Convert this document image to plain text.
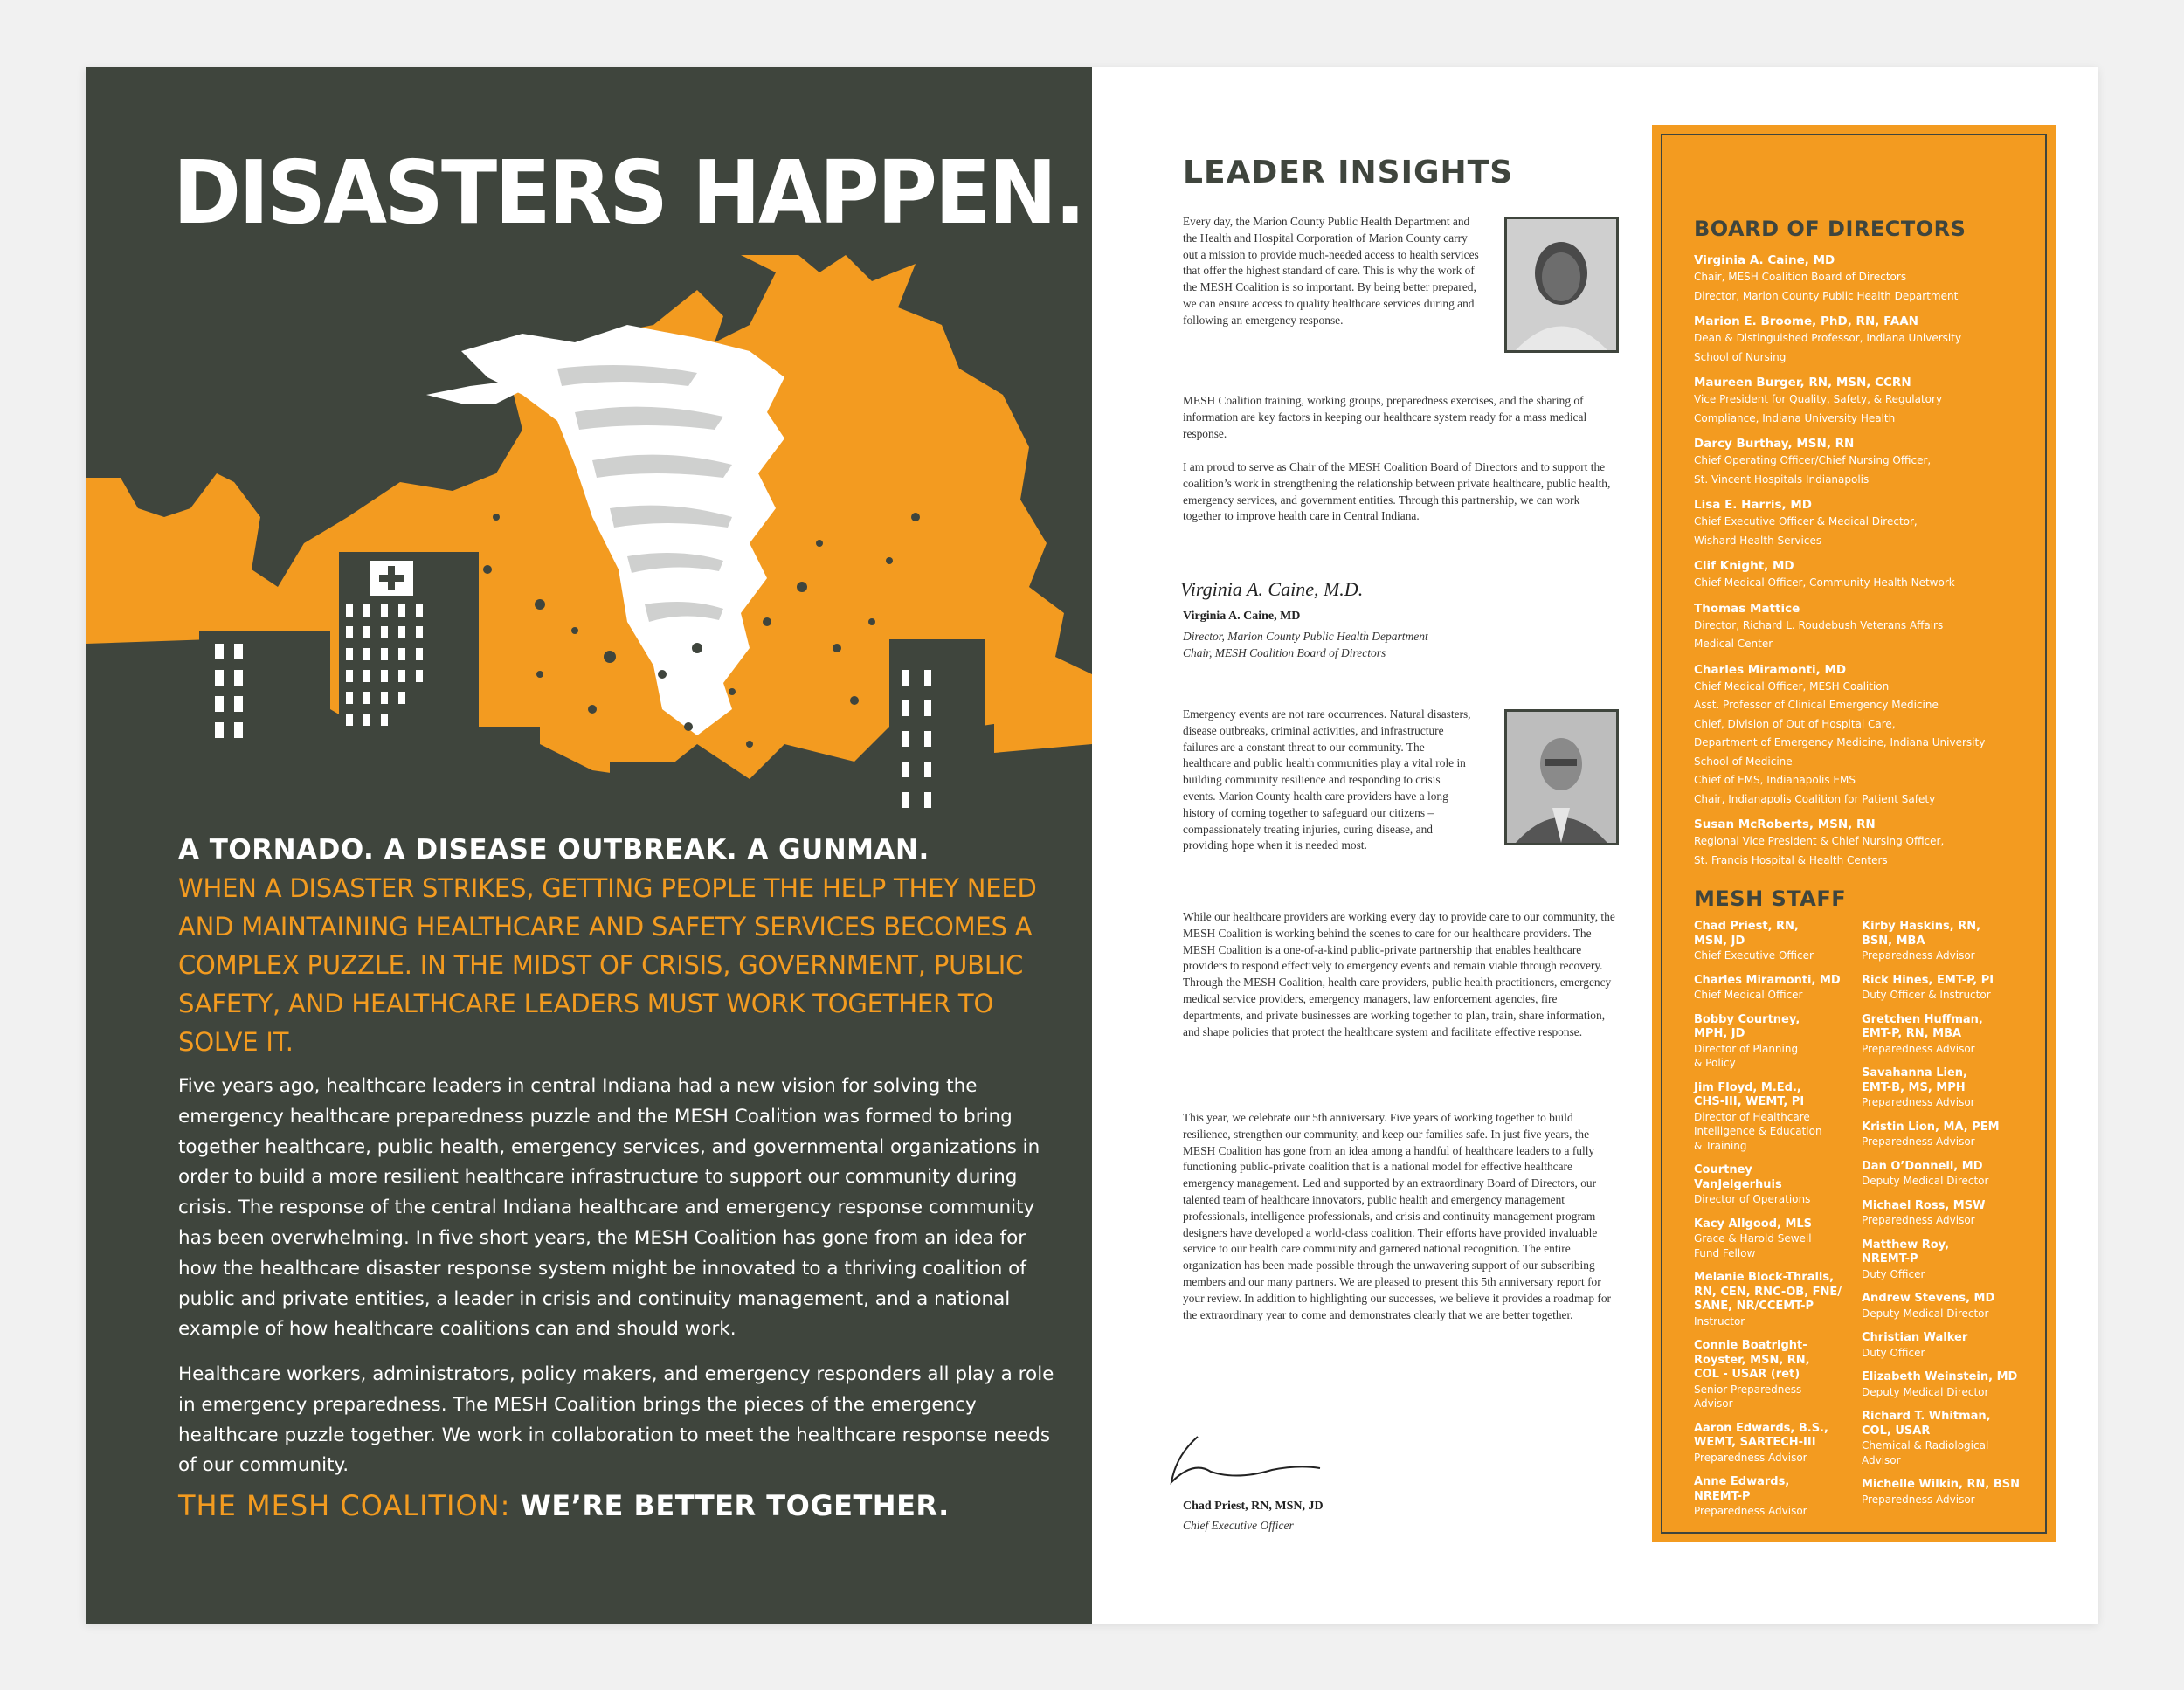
DISASTERS HAPPEN.
A TORNADO. A DISEASE OUTBREAK. A GUNMAN.

WHEN A DISASTER STRIKES, GETTING PEOPLE THE HELP THEY NEED AND MAINTAINING HEALTHCARE AND SAFETY SERVICES BECOMES A COMPLEX PUZZLE. IN THE MIDST OF CRISIS, GOVERNMENT, PUBLIC SAFETY, AND HEALTHCARE LEADERS MUST WORK TOGETHER TO SOLVE IT.

Five years ago, healthcare leaders in central Indiana had a new vision for solving the emergency healthcare preparedness puzzle and the MESH Coalition was formed to bring together healthcare, public health, emergency services, and governmental organizations in order to build a more resilient healthcare infrastructure to support our community during crisis. The response of the central Indiana healthcare and emergency response community has been overwhelming. In five short years, the MESH Coalition has gone from an idea for how the healthcare disaster response system might be innovated to a thriving coalition of public and private entities, a leader in crisis and continuity management, and a national example of how healthcare coalitions can and should work.

Healthcare workers, administrators, policy makers, and emergency responders all play a role in emergency preparedness. The MESH Coalition brings the pieces of the emergency healthcare puzzle together. We work in collaboration to meet the healthcare response needs of our community.

THE MESH COALITION: WE’RE BETTER TOGETHER.
LEADER INSIGHTS

Every day, the Marion County Public Health Department and the Health and Hospital Corporation of Marion County carry out a mission to provide much-needed access to health services that offer the highest standard of care. This is why the work of the MESH Coalition is so important. By being better prepared, we can ensure access to quality healthcare services during and following an emergency response.

MESH Coalition training, working groups, preparedness exercises, and the sharing of information are key factors in keeping our healthcare system ready for a mass medical response.

I am proud to serve as Chair of the MESH Coalition Board of Directors and to support the coalition’s work in strengthening the relationship between private healthcare, public health, emergency services, and government entities. Through this partnership, we can work together to improve health care in Central Indiana.

Virginia A. Caine, M.D.
Virginia A. Caine, MD
Director, Marion County Public Health Department
Chair, MESH Coalition Board of Directors

Emergency events are not rare occurrences. Natural disasters, disease outbreaks, criminal activities, and infrastructure failures are a constant threat to our community. The healthcare and public health communities play a vital role in building community resilience and responding to crisis events. Marion County health care providers have a long history of coming together to safeguard our citizens – compassionately treating injuries, curing disease, and providing hope when it is needed most.

While our healthcare providers are working every day to provide care to our community, the MESH Coalition is working behind the scenes to care for our healthcare providers. The MESH Coalition is a one-of-a-kind public-private partnership that enables healthcare providers to respond effectively to emergency events and remain viable through recovery. Through the MESH Coalition, health care providers, public health practitioners, emergency medical service providers, emergency managers, law enforcement agencies, fire departments, and private businesses are working together to plan, train, share information, and shape policies that protect the healthcare system and facilitate effective response.

This year, we celebrate our 5th anniversary. Five years of working together to build resilience, strengthen our community, and keep our families safe. In just five years, the MESH Coalition has gone from an idea among a handful of healthcare leaders to a fully functioning public-private coalition that is a national model for effective healthcare emergency management. Led and supported by an extraordinary Board of Directors, our talented team of healthcare innovators, public health and emergency management professionals, intelligence professionals, and crisis and continuity management program designers have developed a world-class coalition. Their efforts have provided invaluable service to our health care community and garnered national recognition. The entire organization has been made possible through the unwavering support of our subscribing members and our many partners. We are pleased to present this 5th anniversary report for your review. In addition to highlighting our successes, we believe it provides a roadmap for the extraordinary year to come and demonstrates clearly that we are better together.

Chad Priest, RN, MSN, JD
Chief Executive Officer
BOARD OF DIRECTORS
Virginia A. Caine, MD
Chair, MESH Coalition Board of Directors
Director, Marion County Public Health Department
Marion E. Broome, PhD, RN, FAAN
Dean & Distinguished Professor, Indiana University
School of Nursing
Maureen Burger, RN, MSN, CCRN
Vice President for Quality, Safety, & Regulatory
Compliance, Indiana University Health
Darcy Burthay, MSN, RN
Chief Operating Officer/Chief Nursing Officer,
St. Vincent Hospitals Indianapolis
Lisa E. Harris, MD
Chief Executive Officer & Medical Director,
Wishard Health Services
Clif Knight, MD
Chief Medical Officer, Community Health Network
Thomas Mattice
Director, Richard L. Roudebush Veterans Affairs
Medical Center
Charles Miramonti, MD
Chief Medical Officer, MESH Coalition
Asst. Professor of Clinical Emergency Medicine
Chief, Division of Out of Hospital Care,
Department of Emergency Medicine, Indiana University
School of Medicine
Chief of EMS, Indianapolis EMS
Chair, Indianapolis Coalition for Patient Safety
Susan McRoberts, MSN, RN
Regional Vice President & Chief Nursing Officer,
St. Francis Hospital & Health Centers
MESH STAFF
Chad Priest, RN,
MSN, JD
Chief Executive Officer
Charles Miramonti, MD
Chief Medical Officer
Bobby Courtney,
MPH, JD
Director of Planning
& Policy
Jim Floyd, M.Ed.,
CHS-III, WEMT, PI
Director of Healthcare
Intelligence & Education
& Training
Courtney
VanJelgerhuis
Director of Operations
Kacy Allgood, MLS
Grace & Harold Sewell
Fund Fellow
Melanie Block-Thralls,
RN, CEN, RNC-OB, FNE/
SANE, NR/CCEMT-P
Instructor
Connie Boatright-
Royster, MSN, RN,
COL - USAR (ret)
Senior Preparedness
Advisor
Aaron Edwards, B.S.,
WEMT, SARTECH-III
Preparedness Advisor
Anne Edwards,
NREMT-P
Preparedness Advisor
Kirby Haskins, RN,
BSN, MBA
Preparedness Advisor
Rick Hines, EMT-P, PI
Duty Officer & Instructor
Gretchen Huffman,
EMT-P, RN, MBA
Preparedness Advisor
Savahanna Lien,
EMT-B, MS, MPH
Preparedness Advisor
Kristin Lion, MA, PEM
Preparedness Advisor
Dan O’Donnell, MD
Deputy Medical Director
Michael Ross, MSW
Preparedness Advisor
Matthew Roy,
NREMT-P
Duty Officer
Andrew Stevens, MD
Deputy Medical Director
Christian Walker
Duty Officer
Elizabeth Weinstein, MD
Deputy Medical Director
Richard T. Whitman,
COL, USAR
Chemical & Radiological
Advisor
Michelle Wilkin, RN, BSN
Preparedness Advisor
